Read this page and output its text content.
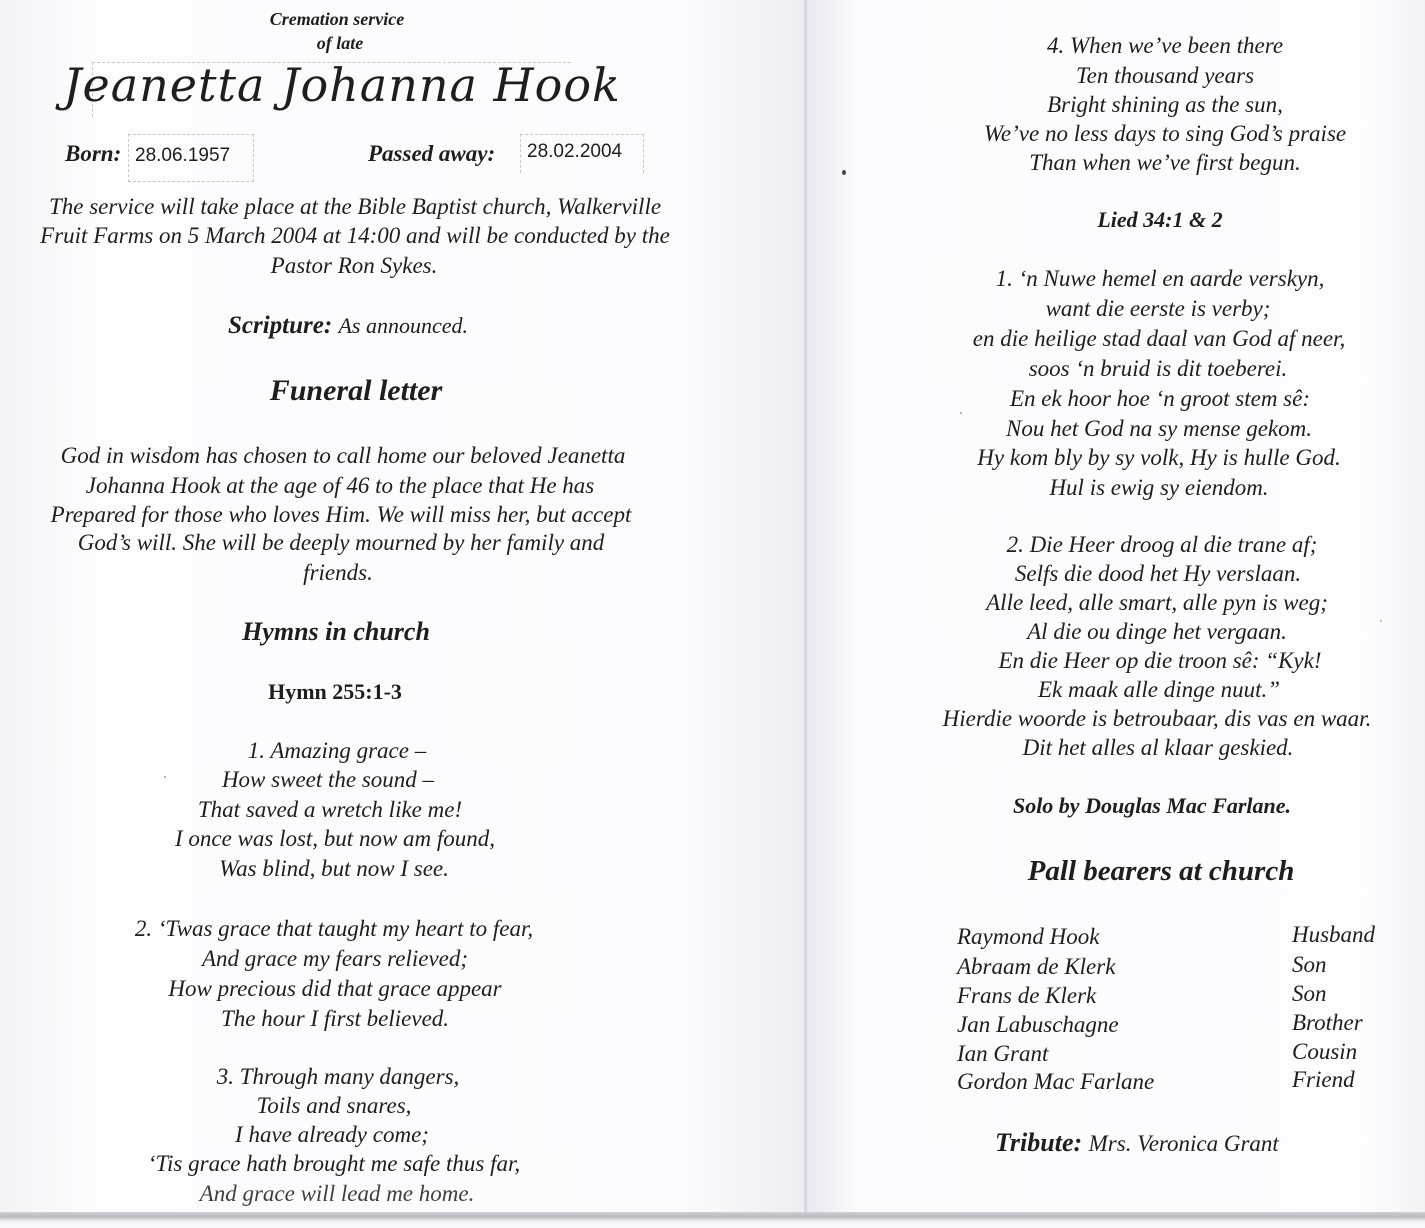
Cremation service
of late
Jeanetta Johanna Hook
Born: 28.06.1957	Passed away: 28.02.2004
The service will take place at the Bible Baptist church, Walkerville
Fruit Farms on 5 March 2004 at 14:00 and will be conducted by the
Pastor Ron Sykes.
Scripture: As announced.
Funeral letter
God in wisdom has chosen to call home our beloved Jeanetta
Johanna Hook at the age of 46 to the place that He has
Prepared for those who loves Him. We will miss her, but accept
God’s will. She will be deeply mourned by her family and
friends.
Hymns in church
Hymn 255:1-3
1. Amazing grace –
How sweet the sound –
That saved a wretch like me!
I once was lost, but now am found,
Was blind, but now I see.
2. ‘Twas grace that taught my heart to fear,
And grace my fears relieved;
How precious did that grace appear
The hour I first believed.
3. Through many dangers,
Toils and snares,
I have already come;
‘Tis grace hath brought me safe thus far,
And grace will lead me home.
4. When we’ve been there
Ten thousand years
Bright shining as the sun,
We’ve no less days to sing God’s praise
Than when we’ve first begun.
Lied 34:1 & 2
1. ‘n Nuwe hemel en aarde verskyn,
want die eerste is verby;
en die heilige stad daal van God af neer,
soos ‘n bruid is dit toeberei.
En ek hoor hoe ‘n groot stem sê:
Nou het God na sy mense gekom.
Hy kom bly by sy volk, Hy is hulle God.
Hul is ewig sy eiendom.
2. Die Heer droog al die trane af;
Selfs die dood het Hy verslaan.
Alle leed, alle smart, alle pyn is weg;
Al die ou dinge het vergaan.
En die Heer op die troon sê: “Kyk!
Ek maak alle dinge nuut.”
Hierdie woorde is betroubaar, dis vas en waar.
Dit het alles al klaar geskied.
Solo by Douglas Mac Farlane.
Pall bearers at church
Raymond Hook
Abraam de Klerk
Frans de Klerk
Jan Labuschagne
Ian Grant
Gordon Mac Farlane
Husband
Son
Son
Brother
Cousin
Friend
Tribute: Mrs. Veronica Grant
